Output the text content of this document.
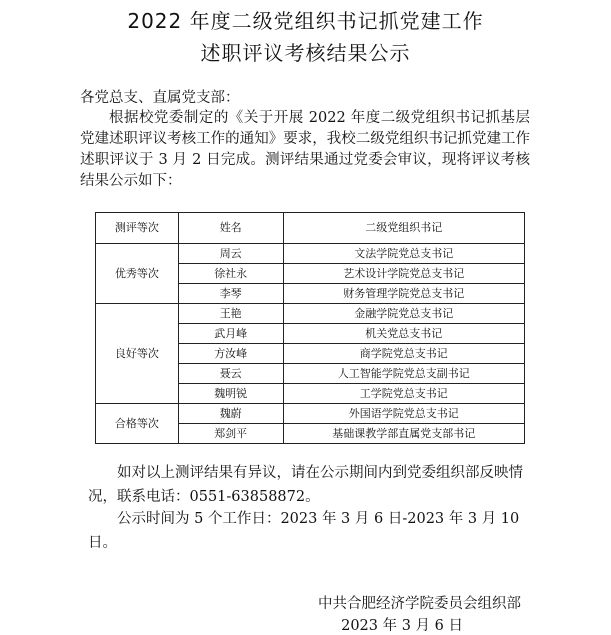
2022 年度二级党组织书记抓党建工作
述职评议考核结果公示
各党总支、直属党支部：
根据校党委制定的《关于开展 2022 年度二级党组织书记抓基层党建述职评议考核工作的通知》要求，我校二级党组织书记抓党建工作述职评议于 3 月 2 日完成。测评结果通过党委会审议，现将评议考核结果公示如下：
测评等次	姓名	二级党组织书记
优秀等次	周云	文法学院党总支书记
	徐社永	艺术设计学院党总支书记
	李琴	财务管理学院党总支书记
良好等次	王艳	金融学院党总支书记
	武月峰	机关党总支书记
	方汝峰	商学院党总支书记
	聂云	人工智能学院党总支副书记
	魏明锐	工学院党总支书记
合格等次	魏蔚	外国语学院党总支书记
	郑剑平	基础课教学部直属党支部书记
如对以上测评结果有异议，请在公示期间内到党委组织部反映情况，联系电话：0551-63858872。
公示时间为 5 个工作日：2023 年 3 月 6 日-2023 年 3 月 10 日。
中共合肥经济学院委员会组织部
2023 年 3 月 6 日
